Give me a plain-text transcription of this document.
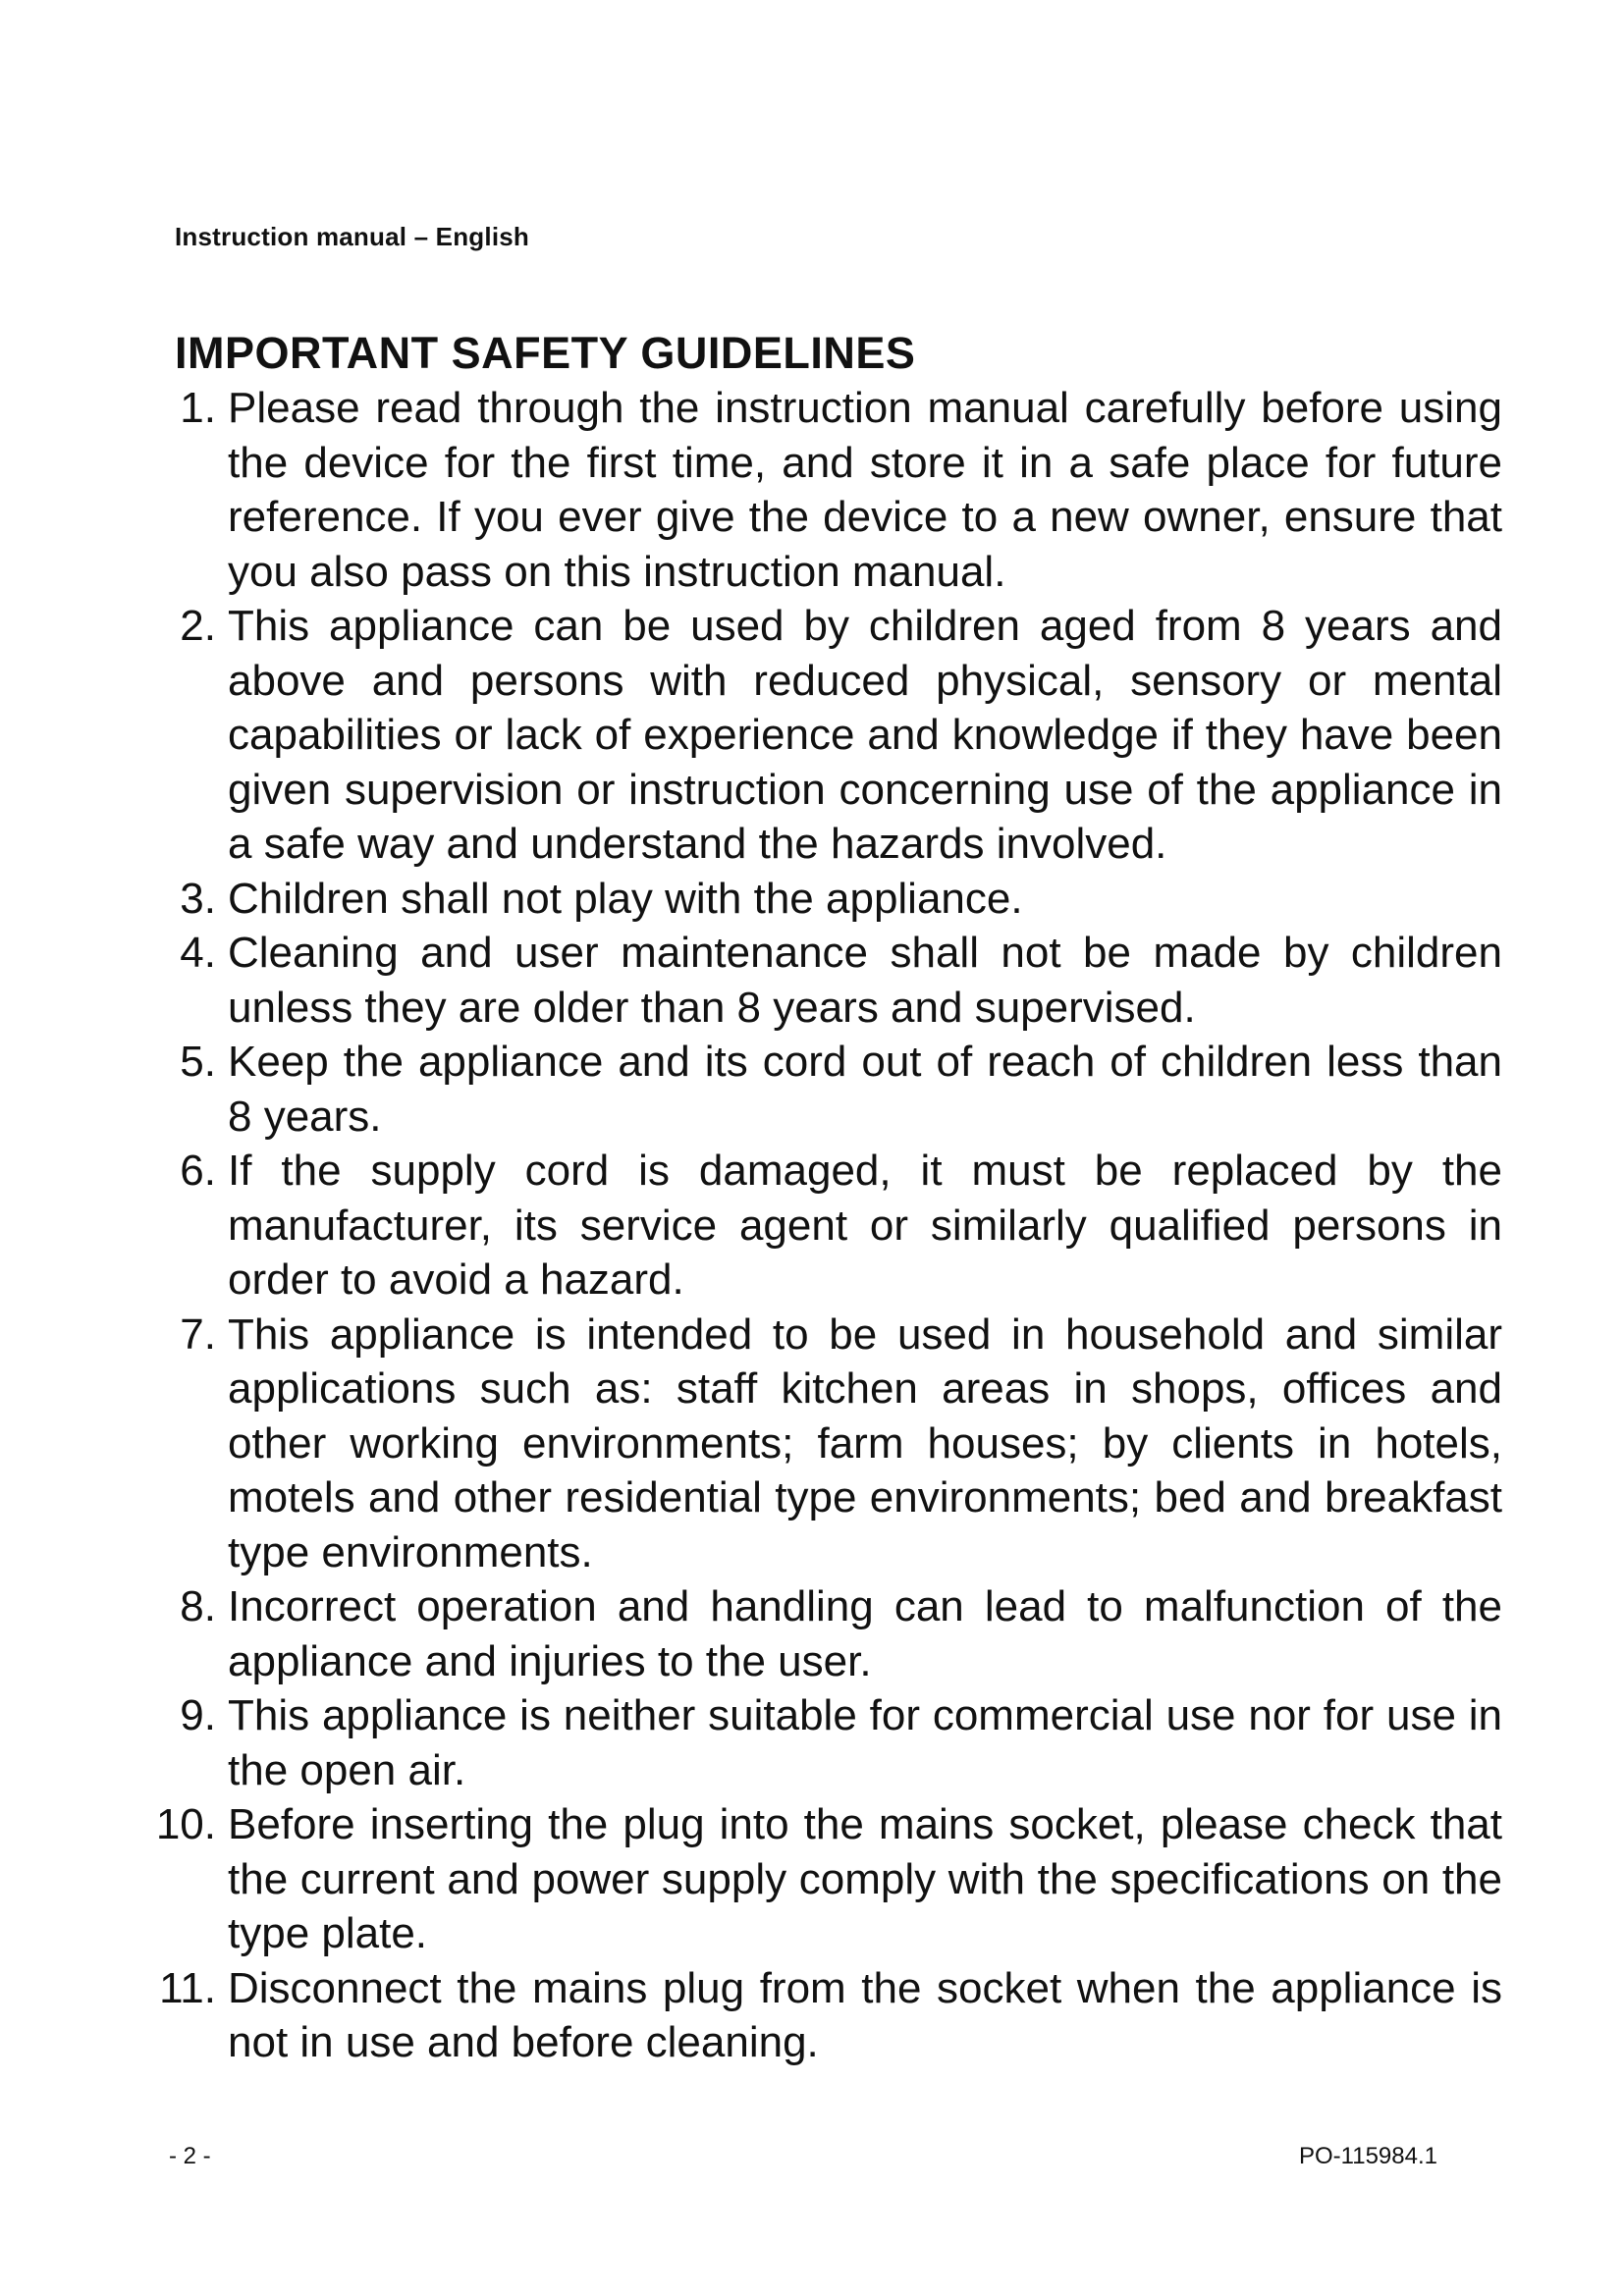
Instruction manual – English
IMPORTANT SAFETY GUIDELINES
1. Please read through the instruction manual carefully before using the device for the first time, and store it in a safe place for future reference. If you ever give the device to a new owner, ensure that you also pass on this instruction manual.
2. This appliance can be used by children aged from 8 years and above and persons with reduced physical, sensory or mental capabilities or lack of experience and knowledge if they have been given supervision or instruction concerning use of the appliance in a safe way and understand the hazards involved.
3. Children shall not play with the appliance.
4. Cleaning and user maintenance shall not be made by children unless they are older than 8 years and supervised.
5. Keep the appliance and its cord out of reach of children less than 8 years.
6. If the supply cord is damaged, it must be replaced by the manufacturer, its service agent or similarly qualified persons in order to avoid a hazard.
7. This appliance is intended to be used in household and similar applications such as: staff kitchen areas in shops, offices and other working environments; farm houses; by clients in hotels, motels and other residential type environments; bed and breakfast type environments.
8. Incorrect operation and handling can lead to malfunction of the appliance and injuries to the user.
9. This appliance is neither suitable for commercial use nor for use in the open air.
10. Before inserting the plug into the mains socket, please check that the current and power supply comply with the specifications on the type plate.
11. Disconnect the mains plug from the socket when the appliance is not in use and before cleaning.
- 2 -	PO-115984.1
